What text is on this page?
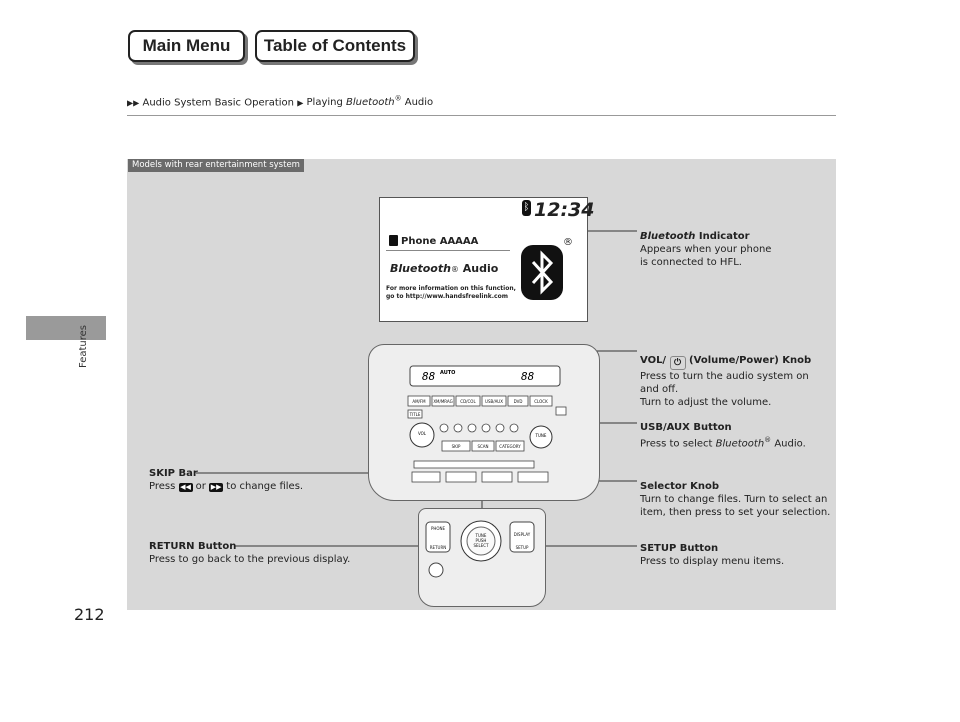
Main Menu	Table of Contents
▶▶ Audio System Basic Operation ▶ Playing Bluetooth® Audio
Features
212
Models with rear entertainment system
ᛒ 12:34
Phone AAAAA
Bluetooth® Audio
For more information on this function,
go to http://www.handsfreelink.com
®
88	88
AUTO
AM/FM XM/MRAG CD/COL USB/AUX	DVD	CLOCK
TITLE
VOL	TUNE
SKIP	SCAN	CATEGORY
PHONE
RETURN
DISPLAY
SETUP
TUNE
PUSH
SELECT
Bluetooth Indicator
Appears when your phone
is connected to HFL.
VOL/ ⏻ (Volume/Power) Knob
Press to turn the audio system on
and off.
Turn to adjust the volume.
USB/AUX Button
Press to select Bluetooth® Audio.
SKIP Bar
Press ◀◀ or ▶▶ to change files.	Selector Knob
Turn to change files. Turn to select an
item, then press to set your selection.
RETURN Button
Press to go back to the previous display.
SETUP Button
Press to display menu items.
